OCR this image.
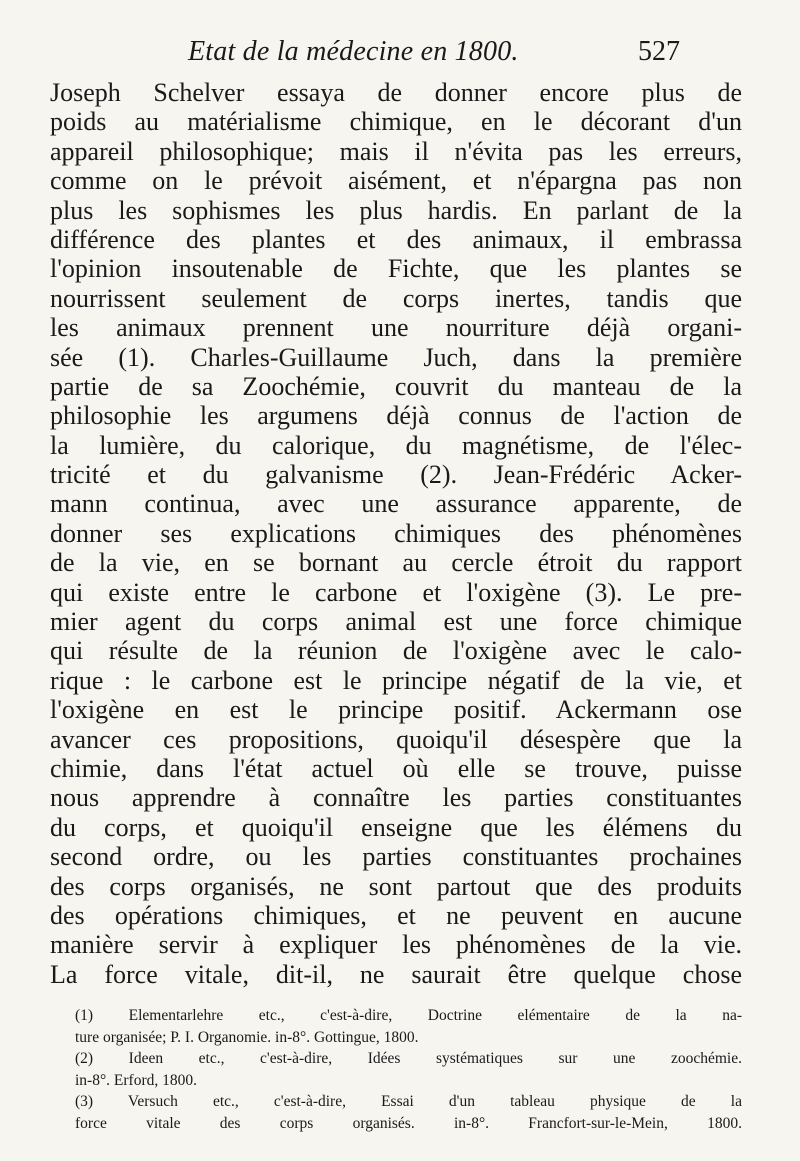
Etat de la médecine en 1800.	527
Joseph Schelver essaya de donner encore plus de
poids au matérialisme chimique, en le décorant d'un
appareil philosophique; mais il n'évita pas les erreurs,
comme on le prévoit aisément, et n'épargna pas non
plus les sophismes les plus hardis. En parlant de la
différence des plantes et des animaux, il embrassa
l'opinion insoutenable de Fichte, que les plantes se
nourrissent seulement de corps inertes, tandis que
les animaux prennent une nourriture déjà organi-
sée (1). Charles-Guillaume Juch, dans la première
partie de sa Zoochémie, couvrit du manteau de la
philosophie les argumens déjà connus de l'action de
la lumière, du calorique, du magnétisme, de l'élec-
tricité et du galvanisme (2). Jean-Frédéric Acker-
mann continua, avec une assurance apparente, de
donner ses explications chimiques des phénomènes
de la vie, en se bornant au cercle étroit du rapport
qui existe entre le carbone et l'oxigène (3). Le pre-
mier agent du corps animal est une force chimique
qui résulte de la réunion de l'oxigène avec le calo-
rique : le carbone est le principe négatif de la vie, et
l'oxigène en est le principe positif. Ackermann ose
avancer ces propositions, quoiqu'il désespère que la
chimie, dans l'état actuel où elle se trouve, puisse
nous apprendre à connaître les parties constituantes
du corps, et quoiqu'il enseigne que les élémens du
second ordre, ou les parties constituantes prochaines
des corps organisés, ne sont partout que des produits
des opérations chimiques, et ne peuvent en aucune
manière servir à expliquer les phénomènes de la vie.
La force vitale, dit-il, ne saurait être quelque chose
(1) Elementarlehre etc., c'est-à-dire, Doctrine elémentaire de la na-
ture organisée; P. I. Organomie. in-8°. Gottingue, 1800.
(2) Ideen etc., c'est-à-dire, Idées systématiques sur une zoochémie.
in-8°. Erford, 1800.
(3) Versuch etc., c'est-à-dire, Essai d'un tableau physique de la
force vitale des corps organisés. in-8°. Francfort-sur-le-Mein, 1800.
